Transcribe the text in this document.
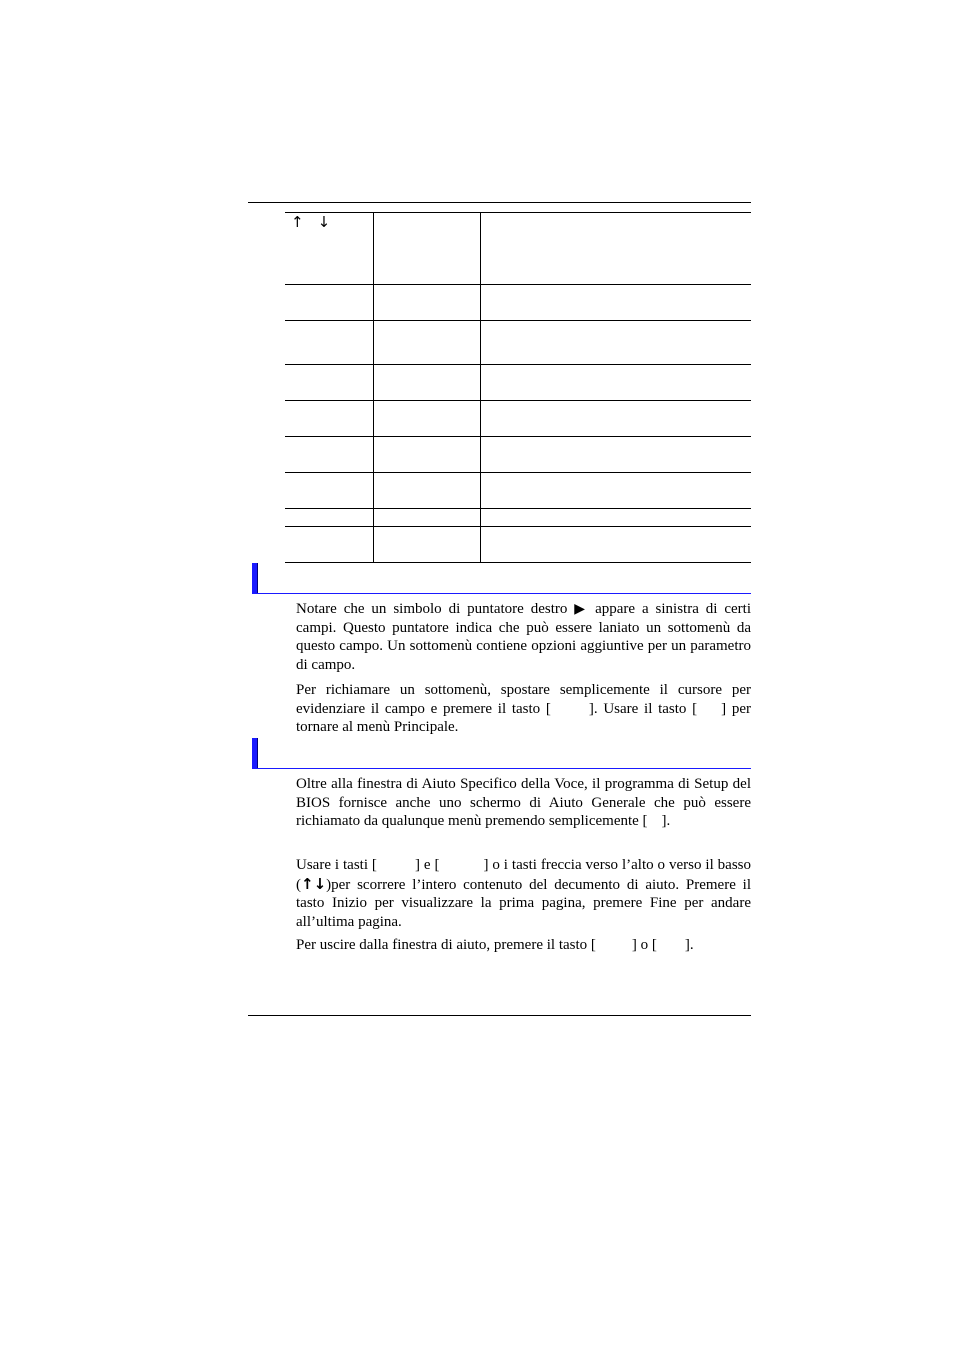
↑ ↓		

Notare che un simbolo di puntatore destro ▶ appare a sinistra di certi campi. Questo puntatore indica che può essere laniato un sottomenù da questo campo. Un sottomenù contiene opzioni aggiuntive per un parametro di campo.

Per richiamare un sottomenù, spostare semplicemente il cursore per evidenziare il campo e premere il tasto [	]. Usare il tasto [ ] per tornare al menù Principale.

Oltre alla finestra di Aiuto Specifico della Voce, il programma di Setup del BIOS fornisce anche uno schermo di Aiuto Generale che può essere richiamato da qualunque menù premendo semplicemente [ ].

Usare i tasti [	] e [	] o i tasti freccia verso l’alto o verso il basso (↑↓)per scorrere l’intero contenuto del decumento di aiuto. Premere il tasto Inizio per visualizzare la prima pagina, premere Fine per andare all’ultima pagina.

Per uscire dalla finestra di aiuto, premere il tasto [ ] o [ ].
